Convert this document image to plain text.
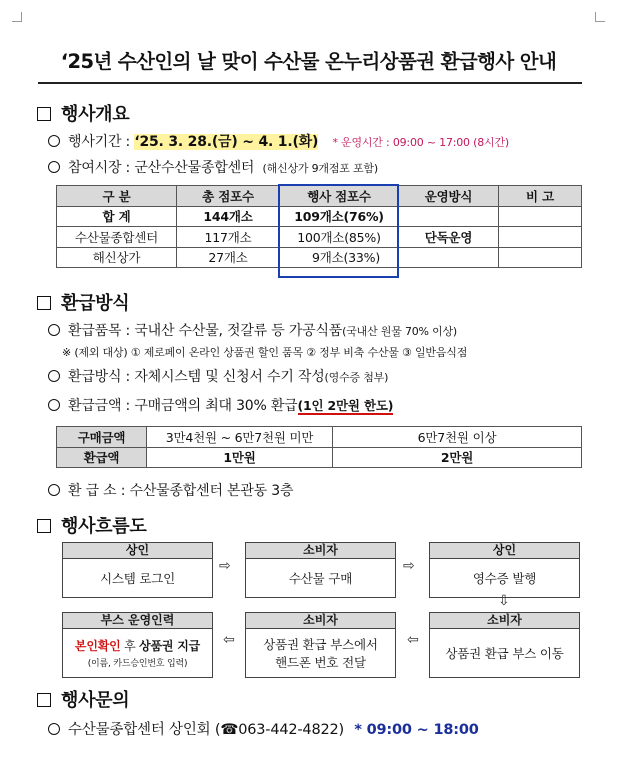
‘25년 수산인의 날 맞이 수산물 온누리상품권 환급행사 안내
행사개요
행사기간 : ‘25. 3. 28.(금) ~ 4. 1.(화) * 운영시간 : 09:00 ~ 17:00 (8시간)
참여시장 : 군산수산물종합센터 (해신상가 9개점포 포함)
구 분	총 점포수	행사 점포수	운영방식	비 고
합 계	144개소	109개소(76%)		
수산물종합센터	117개소	100개소(85%)	단독운영	
해신상가	27개소	9개소(33%)		
환급방식
환급품목 : 국내산 수산물, 젓갈류 등 가공식품(국내산 원물 70% 이상)
※ (제외 대상) ① 제로페이 온라인 상품권 할인 품목 ② 정부 비축 수산물 ③ 일반음식점
환급방식 : 자체시스템 및 신청서 수기 작성(영수증 첨부)
환급금액 : 구매금액의 최대 30% 환급(1인 2만원 한도)
구매금액	3만4천원 ~ 6만7천원 미만	6만7천원 이상
환급액	1만원	2만원
환 급 소 : 수산물종합센터 본관동 3층
행사흐름도
상인
시스템 로그인
⇨
소비자
수산물 구매
⇨
상인
영수증 발행
⇩
소비자
상품권 환급 부스 이동
⇦
소비자
상품권 환급 부스에서
핸드폰 번호 전달
⇦
부스 운영인력
본인확인 후 상품권 지급
(이름, 카드승인번호 입력)
행사문의
수산물종합센터 상인회 (☎063-442-4822) * 09:00 ~ 18:00
